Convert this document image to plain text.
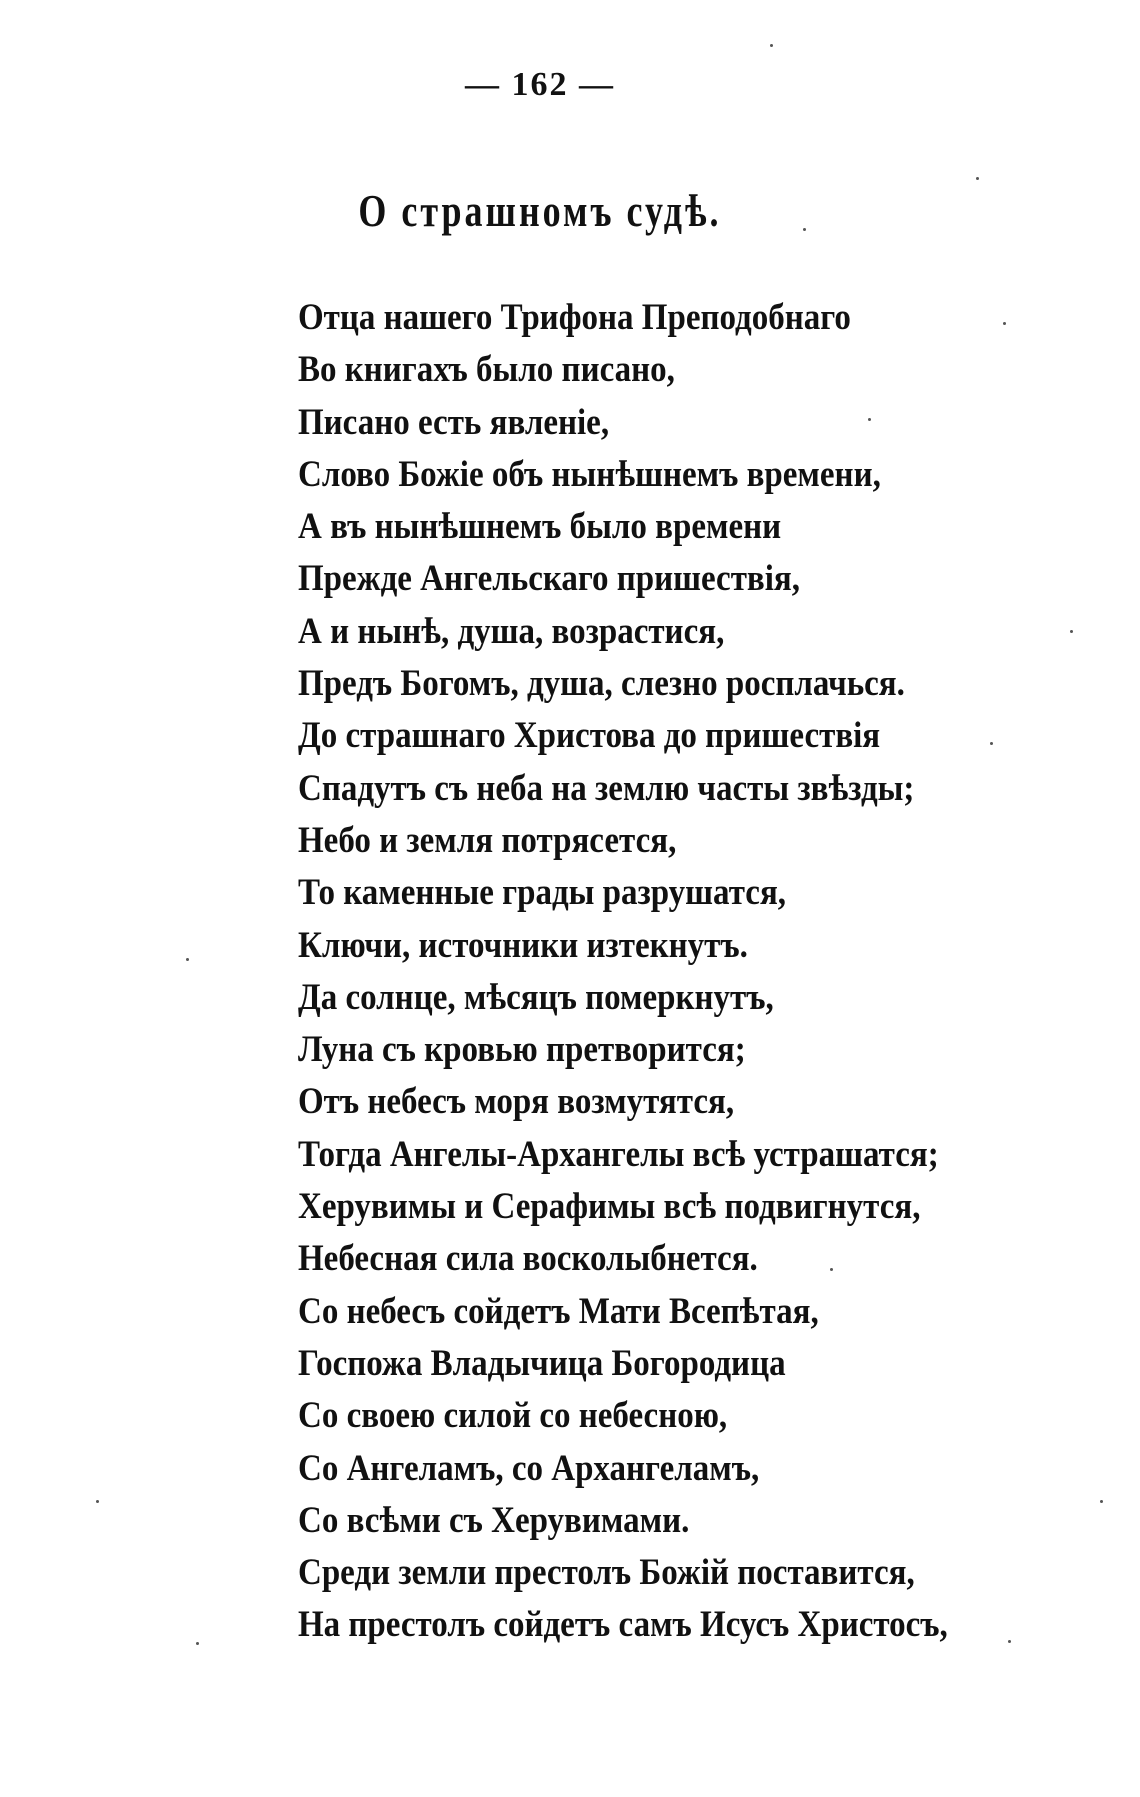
— 162 —
О страшномъ судѣ.
Отца нашего Трифона Преподобнаго
Во книгахъ было писано,
Писано есть явленіе,
Слово Божіе объ нынѣшнемъ времени,
А въ нынѣшнемъ было времени
Прежде Ангельскаго пришествія,
А и нынѣ, душа, возрастися,
Предъ Богомъ, душа, слезно росплачься.
До страшнаго Христова до пришествія
Спадутъ съ неба на землю часты звѣзды;
Небо и земля потрясется,
То каменные грады разрушатся,
Ключи, источники изтекнутъ.
Да солнце, мѣсяцъ померкнутъ,
Луна съ кровью претворится;
Отъ небесъ моря возмутятся,
Тогда Ангелы-Архангелы всѣ устрашатся;
Херувимы и Серафимы всѣ подвигнутся,
Небесная сила восколыбнется.
Со небесъ сойдетъ Мати Всепѣтая,
Госпожа Владычица Богородица
Со своею силой со небесною,
Со Ангеламъ, со Архангеламъ,
Со всѣми съ Херувимами.
Среди земли престолъ Божій поставится,
На престолъ сойдетъ самъ Исусъ Христосъ,
